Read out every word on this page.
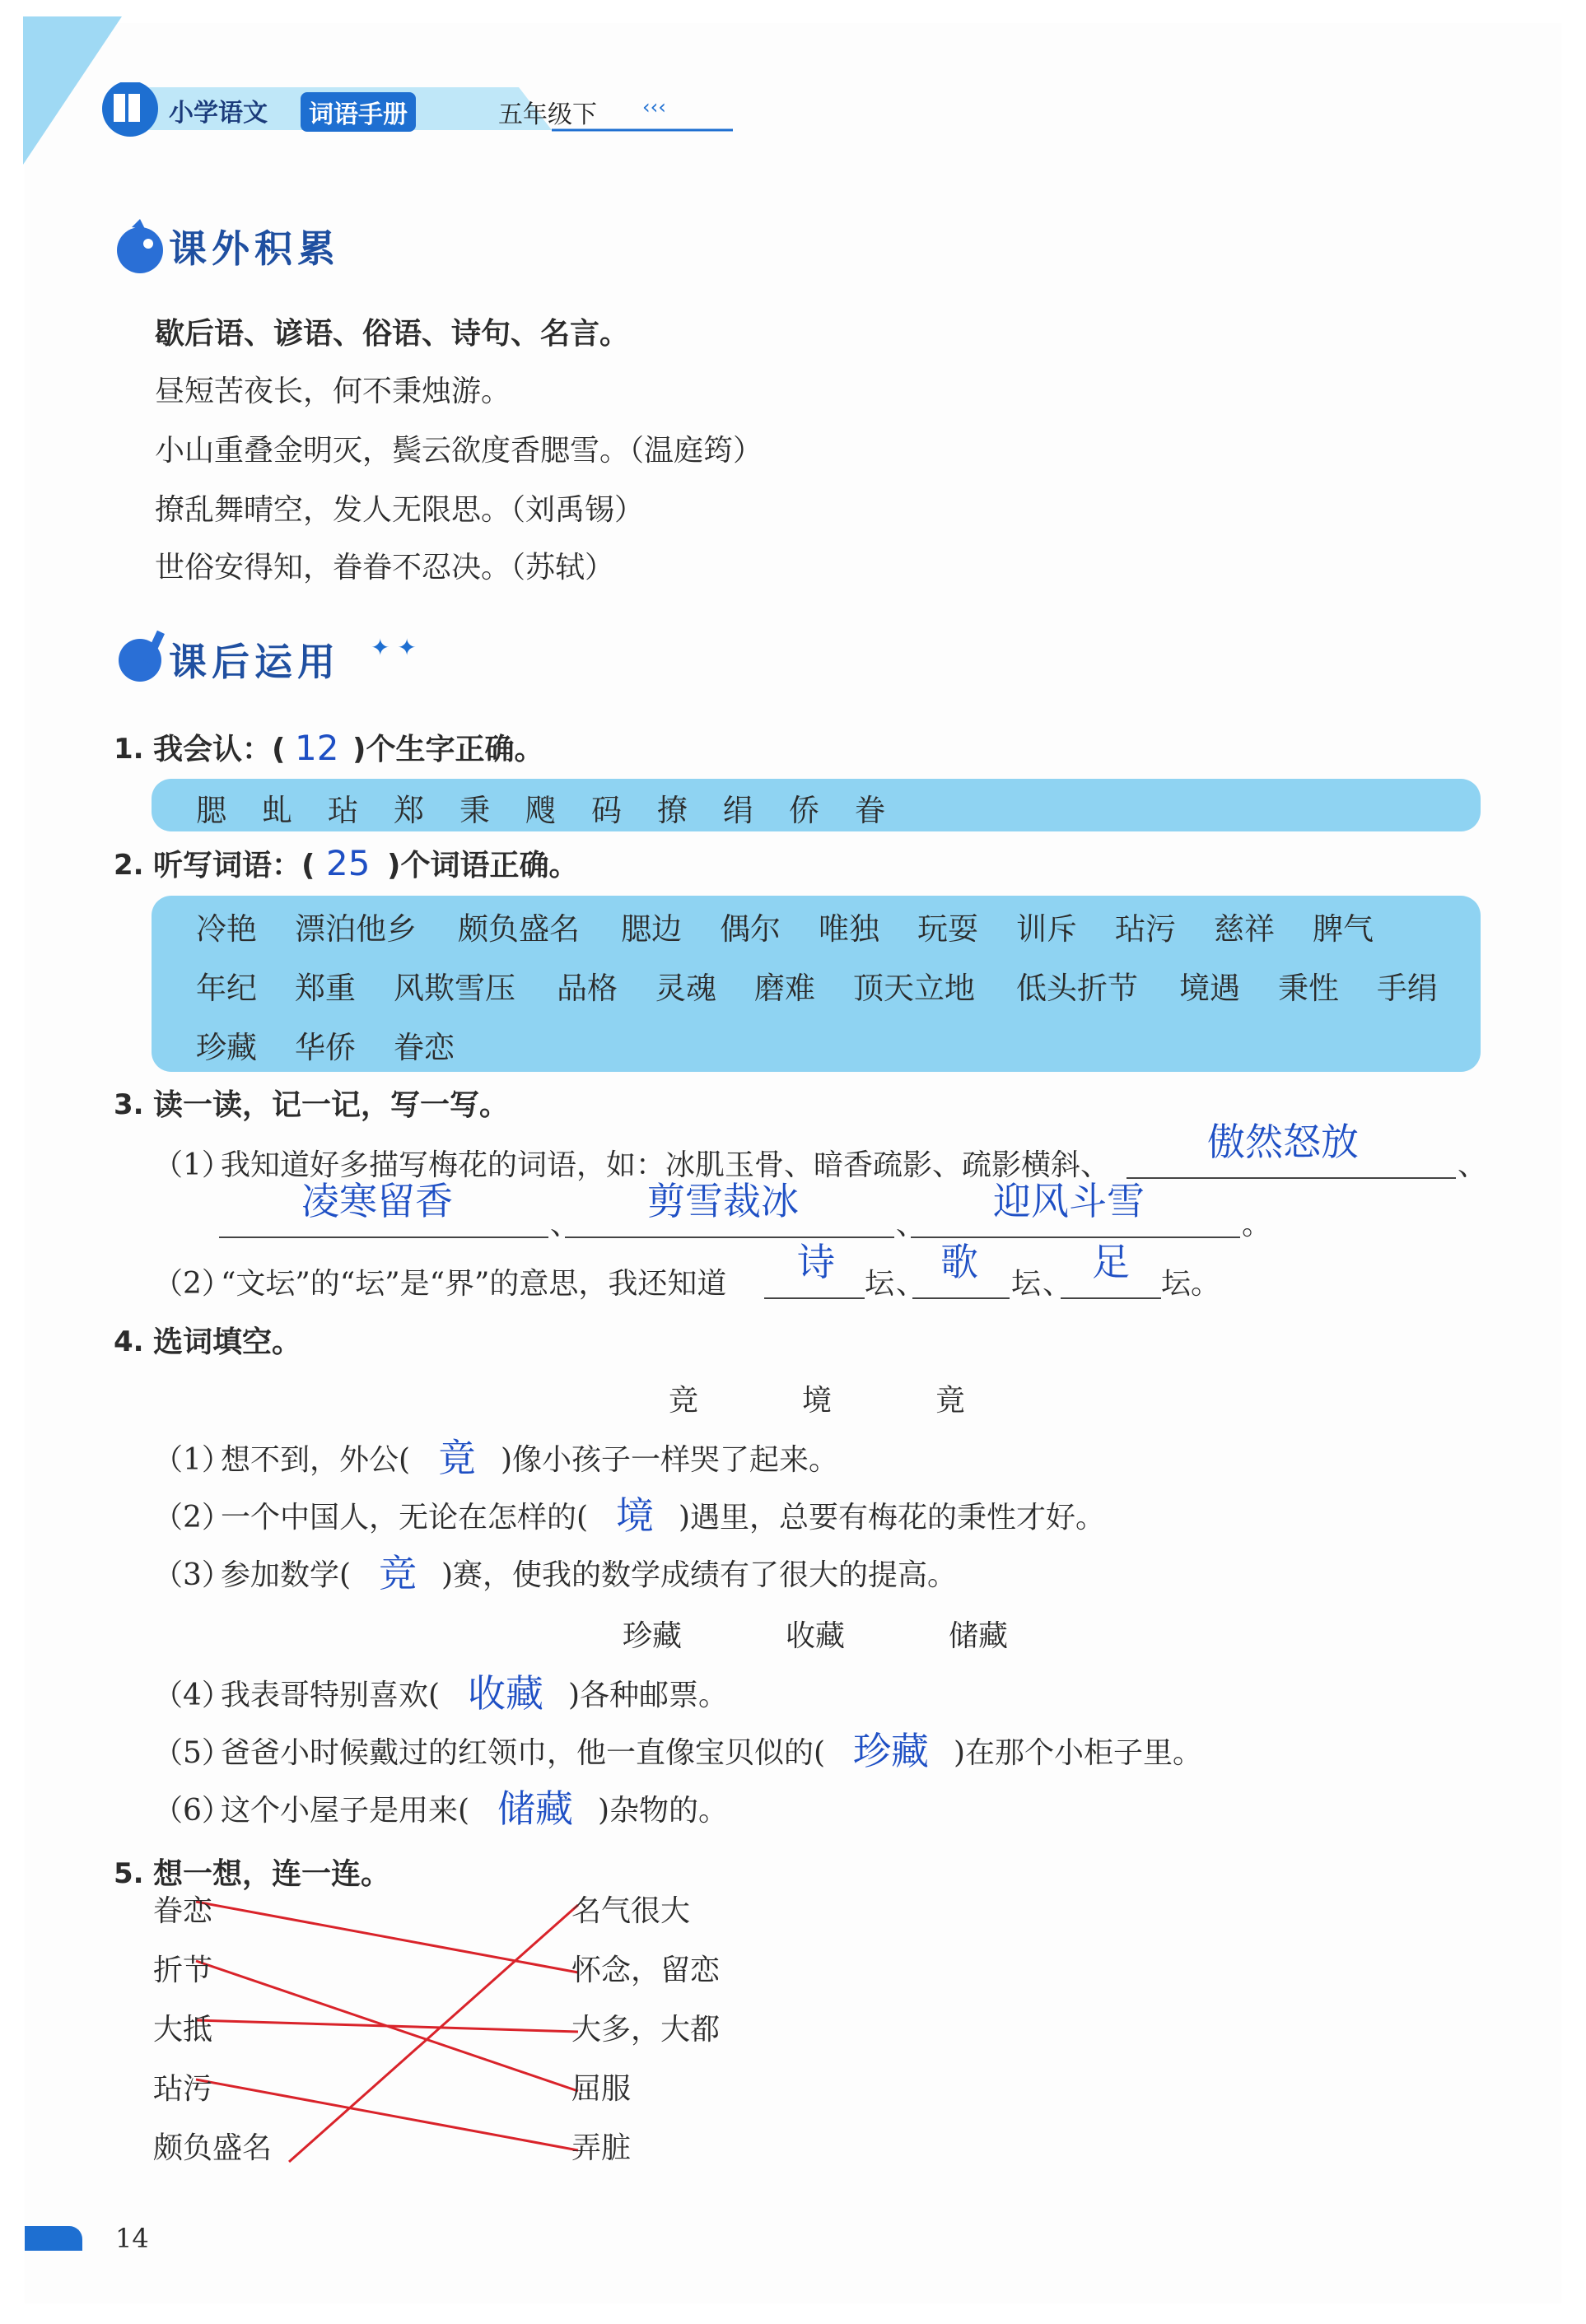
小学语文	词语手册	五年级下 ‹‹‹
课外积累
歇后语、谚语、俗语、诗句、名言。
昼短苦夜长，何不秉烛游。
小山重叠金明灭，鬓云欲度香腮雪。（温庭筠）
撩乱舞晴空，发人无限思。（刘禹锡）
世俗安得知，眷眷不忍决。（苏轼）
课后运用 ✦ ✦
1. 我会认：( 12 )个生字正确。
腮 虬 玷 郑 秉 飕 码 撩 绢 侨 眷
2. 听写词语：( 25 )个词语正确。
冷艳 漂泊他乡 颇负盛名 腮边 偶尔 唯独 玩耍 训斥 玷污 慈祥 脾气
年纪 郑重 风欺雪压 品格 灵魂 磨难 顶天立地 低头折节 境遇 秉性 手绢
珍藏 华侨 眷恋
3. 读一读，记一记，写一写。
（1）
我知道好多描写梅花的词语，如：冰肌玉骨、暗香疏影、疏影横斜、
傲然怒放
、
凌寒留香
、
剪雪裁冰
、
迎风斗雪
。
（2）
“文坛”的“坛”是“界”的意思，我还知道 诗 坛 、 歌 坛 、 足 坛 。
4. 选词填空。
竞	境	竟
（1）
想不到，外公( 竟 )像小孩子一样哭了起来。
（2）
一个中国人，无论在怎样的( 境 )遇里，总要有梅花的秉性才好。
（3）
参加数学( 竞 )赛，使我的数学成绩有了很大的提高。
珍藏	收藏	储藏
（4）
我表哥特别喜欢( 收藏 )各种邮票。
（5）
爸爸小时候戴过的红领巾，他一直像宝贝似的( 珍藏 )在那个小柜子里。
（6）
这个小屋子是用来( 储藏 )杂物的。
5. 想一想，连一连。
眷恋
折节
大抵
玷污
颇负盛名
名气很大
怀念，留恋
大多，大都
屈服
弄脏
14
